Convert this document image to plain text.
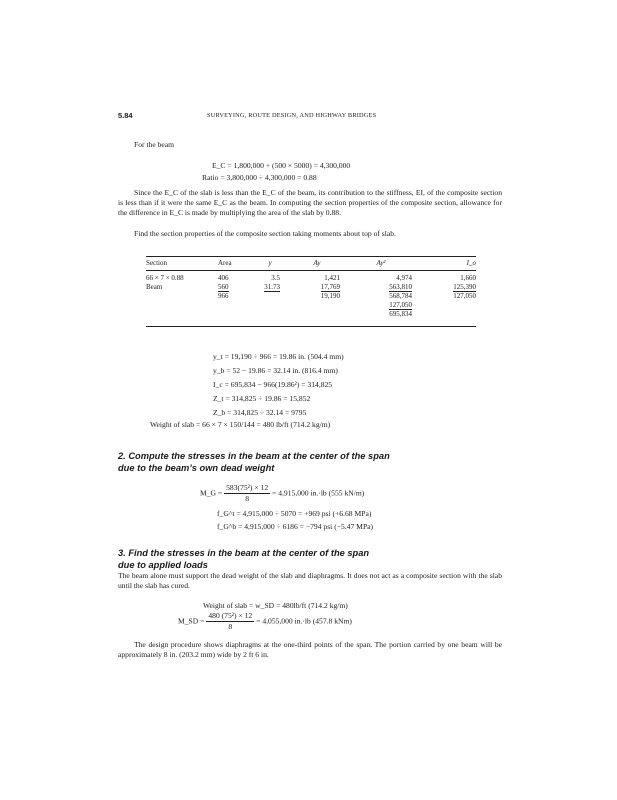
5.84	SURVEYING, ROUTE DESIGN, AND HIGHWAY BRIDGES
For the beam
E_C = 1,800,000 + (500 × 5000) = 4,300,000
Ratio = 3,800,000 ÷ 4,300,000 = 0.88
Since the E_C of the slab is less than the E_C of the beam, its contribution to the stiffness, EI, of the composite section is less than if it were the same E_C as the beam. In computing the section properties of the composite section, allowance for the difference in E_C is made by multiplying the area of the slab by 0.88.
Find the section properties of the composite section taking moments about top of slab.
Section	Area	y	Ay	Ay²	I_o
66 × 7 × 0.88	406	3.5	1,421	4,974	1,660
Beam	560	31.73	17,769	563,810	125,390
	966		19,190	568,784	127,050
				127,050	
				695,834	
y_t = 19,190 ÷ 966 = 19.86 in. (504.4 mm)
y_b = 52 − 19.86 = 32.14 in. (816.4 mm)
I_c = 695,834 − 966(19.86²) = 314,825
Z_t = 314,825 ÷ 19.86 = 15,852
Z_b = 314,825 ÷ 32.14 = 9795
Weight of slab = 66 × 7 × 150/144 = 480 lb/ft (714.2 kg/m)
2. Compute the stresses in the beam at the center of the span
due to the beam’s own dead weight
M_G = $\frac{\text{583(75²) × 12}}{8} = 4,915,000$ in.·lb (555 kN/m)
f_G^t = 4,915,000 ÷ 5070 = +969 psi (+6.68 MPa)
f_G^b = 4,915,000 ÷ 6186 = −794 psi (−5.47 MPa)
3. Find the stresses in the beam at the center of the span
due to applied loads
The beam alone must support the dead weight of the slab and diaphragms. It does not act as a composite section with the slab until the slab has cured.
Weight of slab = w_SD = 480lb/ft (714.2 kg/m)
M_SD = $\frac{\text{480 (75²) × 12}}{8} = 4,055,000$ in.·lb (457.8 kNm)
The design procedure shows diaphragms at the one-third points of the span. The portion carried by one beam will be approximately 8 in. (203.2 mm) wide by 2 ft 6 in.
